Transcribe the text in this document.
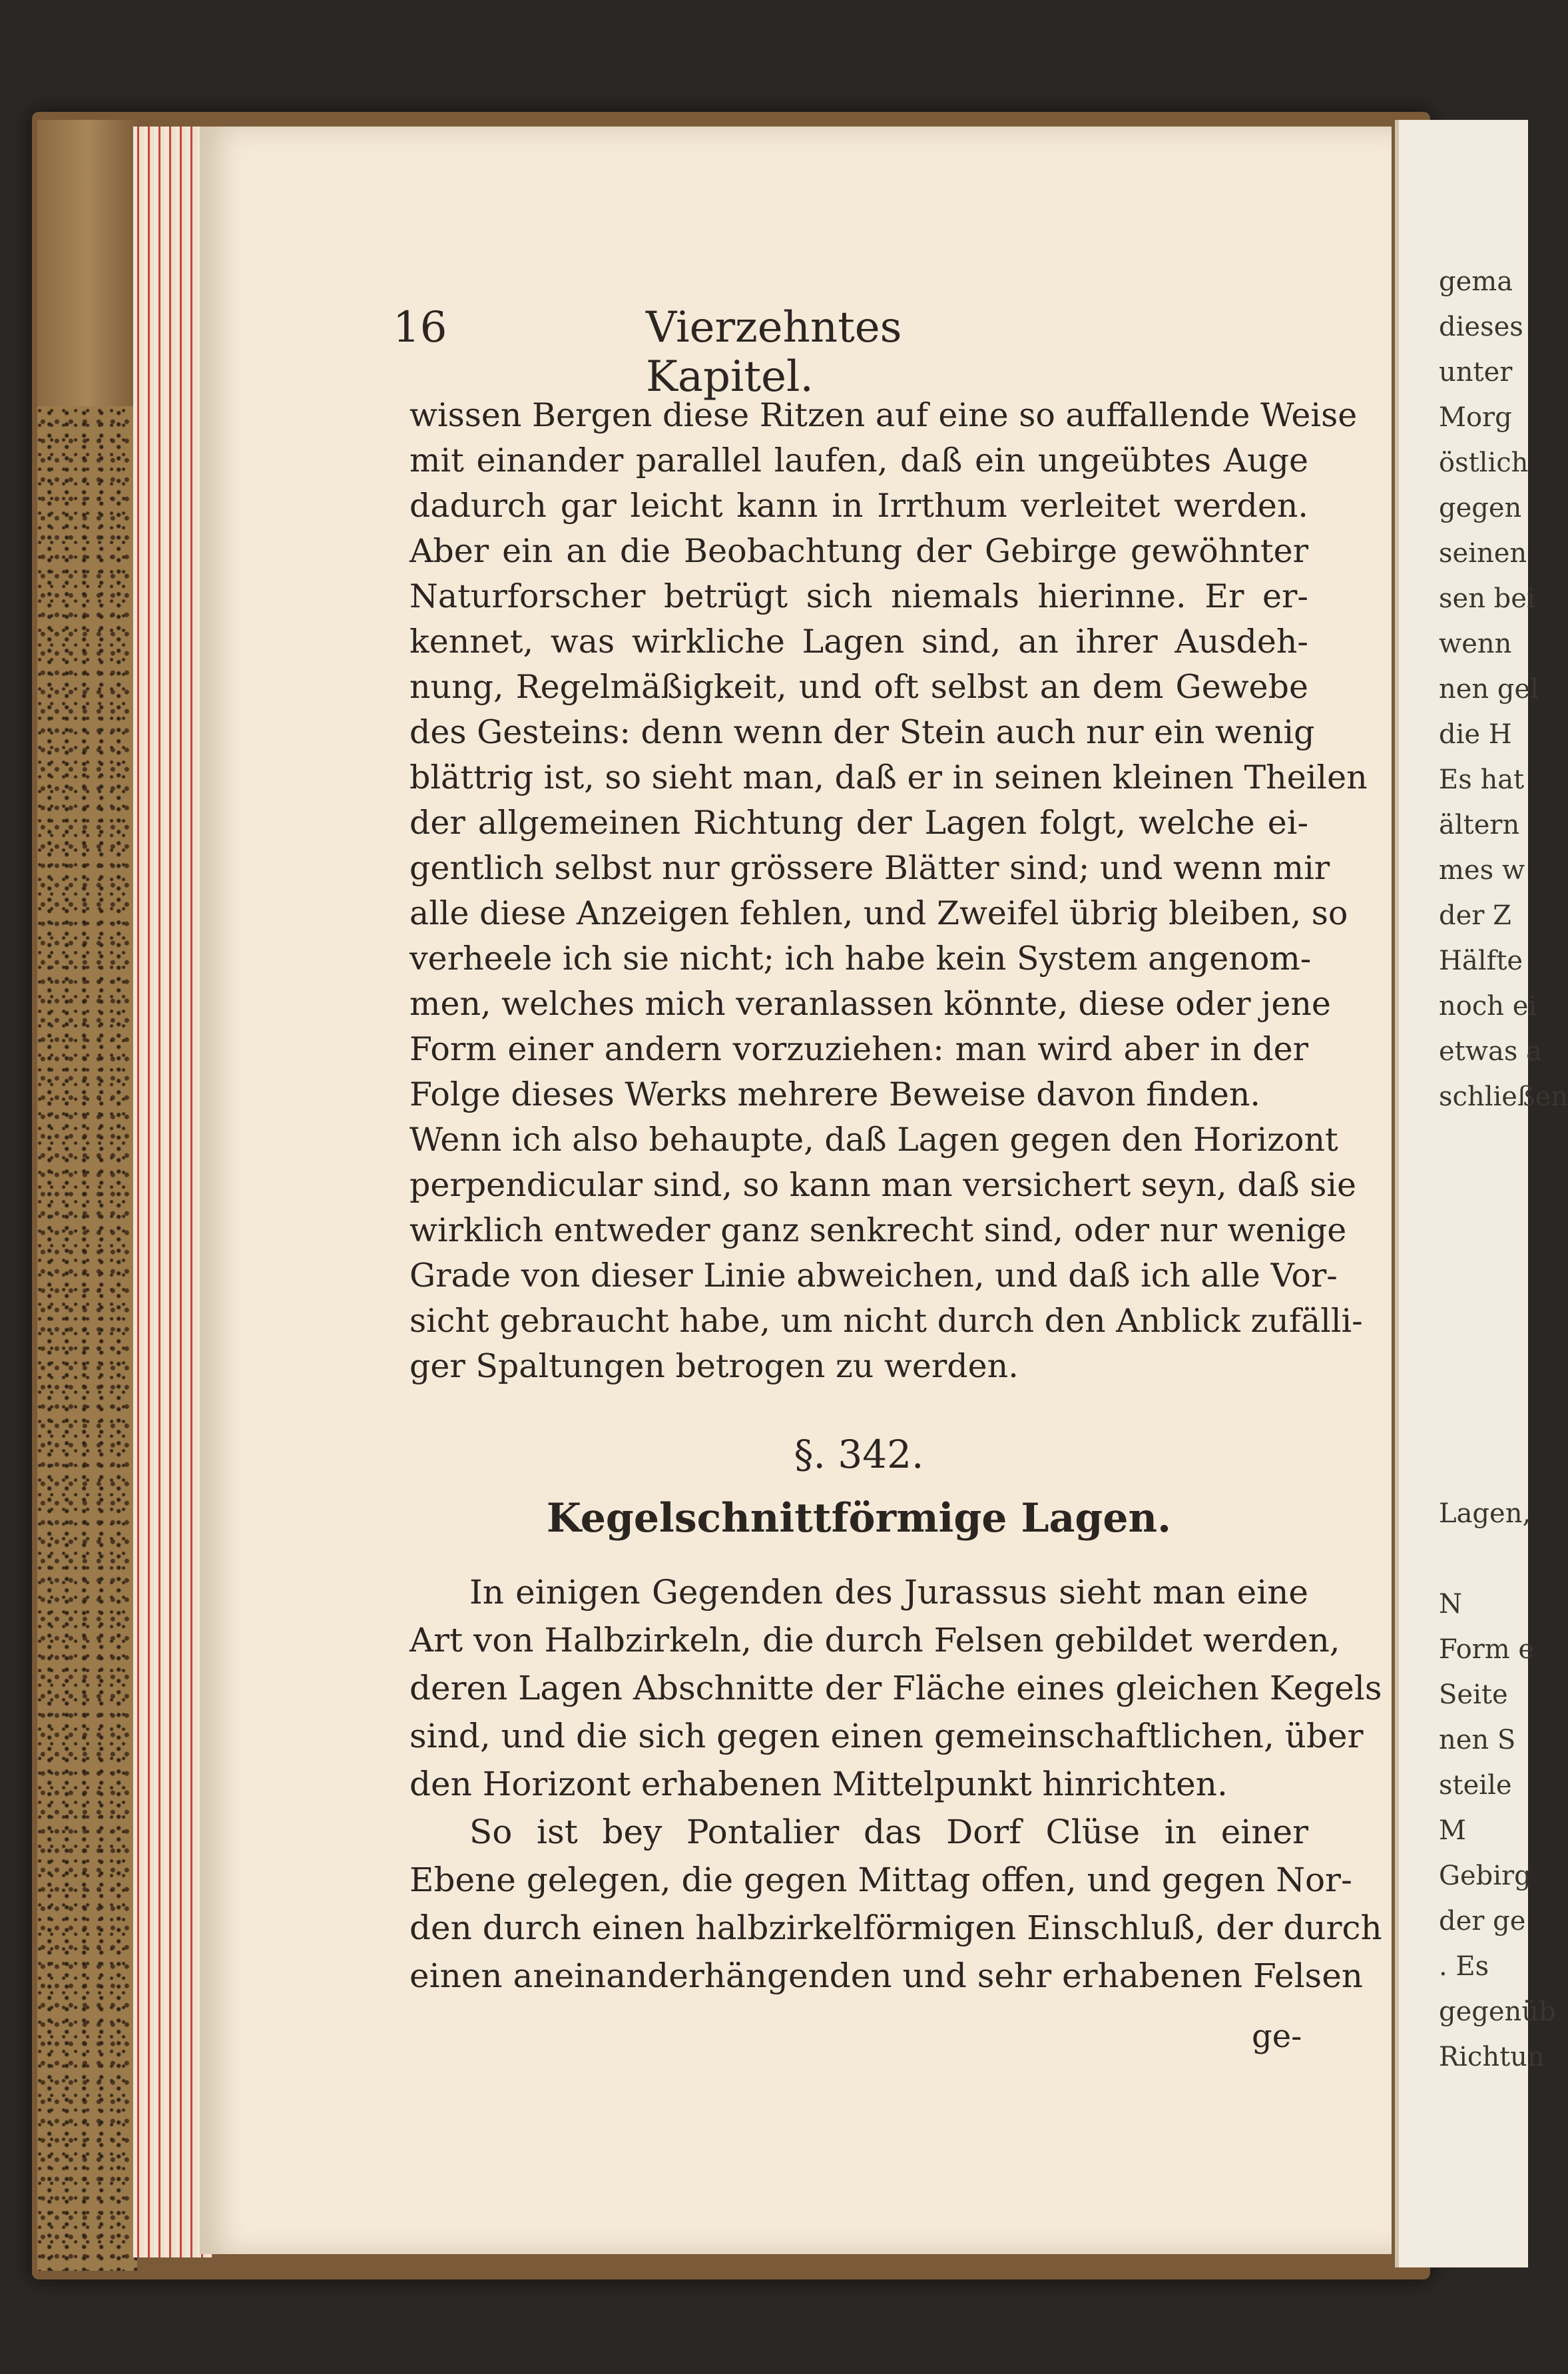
16	Vierzehntes Kapitel.
wissen Bergen diese Ritzen auf eine so auffallende Weise
mit einander parallel laufen, daß ein ungeübtes Auge
dadurch gar leicht kann in Irrthum verleitet werden.
Aber ein an die Beobachtung der Gebirge gewöhnter
Naturforscher betrügt sich niemals hierinne. Er er-
kennet, was wirkliche Lagen sind, an ihrer Ausdeh-
nung, Regelmäßigkeit, und oft selbst an dem Gewebe
des Gesteins: denn wenn der Stein auch nur ein wenig
blättrig ist, so sieht man, daß er in seinen kleinen Theilen
der allgemeinen Richtung der Lagen folgt, welche ei-
gentlich selbst nur grössere Blätter sind; und wenn mir
alle diese Anzeigen fehlen, und Zweifel übrig bleiben, so
verheele ich sie nicht; ich habe kein System angenom-
men, welches mich veranlassen könnte, diese oder jene
Form einer andern vorzuziehen: man wird aber in der
Folge dieses Werks mehrere Beweise davon finden.
Wenn ich also behaupte, daß Lagen gegen den Horizont
perpendicular sind, so kann man versichert seyn, daß sie
wirklich entweder ganz senkrecht sind, oder nur wenige
Grade von dieser Linie abweichen, und daß ich alle Vor-
sicht gebraucht habe, um nicht durch den Anblick zufälli-
ger Spaltungen betrogen zu werden.
§. 342.
Kegelschnittförmige Lagen.
In einigen Gegenden des Jurassus sieht man eine
Art von Halbzirkeln, die durch Felsen gebildet werden,
deren Lagen Abschnitte der Fläche eines gleichen Kegels
sind, und die sich gegen einen gemeinschaftlichen, über
den Horizont erhabenen Mittelpunkt hinrichten.
So ist bey Pontalier das Dorf Clüse in einer
Ebene gelegen, die gegen Mittag offen, und gegen Nor-
den durch einen halbzirkelförmigen Einschluß, der durch
einen aneinanderhängenden und sehr erhabenen Felsen
ge-
gema
dieses
unter
Morg
östlich
gegen
seinen
sen bei
wenn
nen gel
die H
Es hat
ältern
mes w
der Z
Hälfte
noch ei
etwas a
schließen
Lagen,
N
Form e
Seite
nen S
steile
M
Gebirg
der ge
. Es
gegenüb
Richtun
